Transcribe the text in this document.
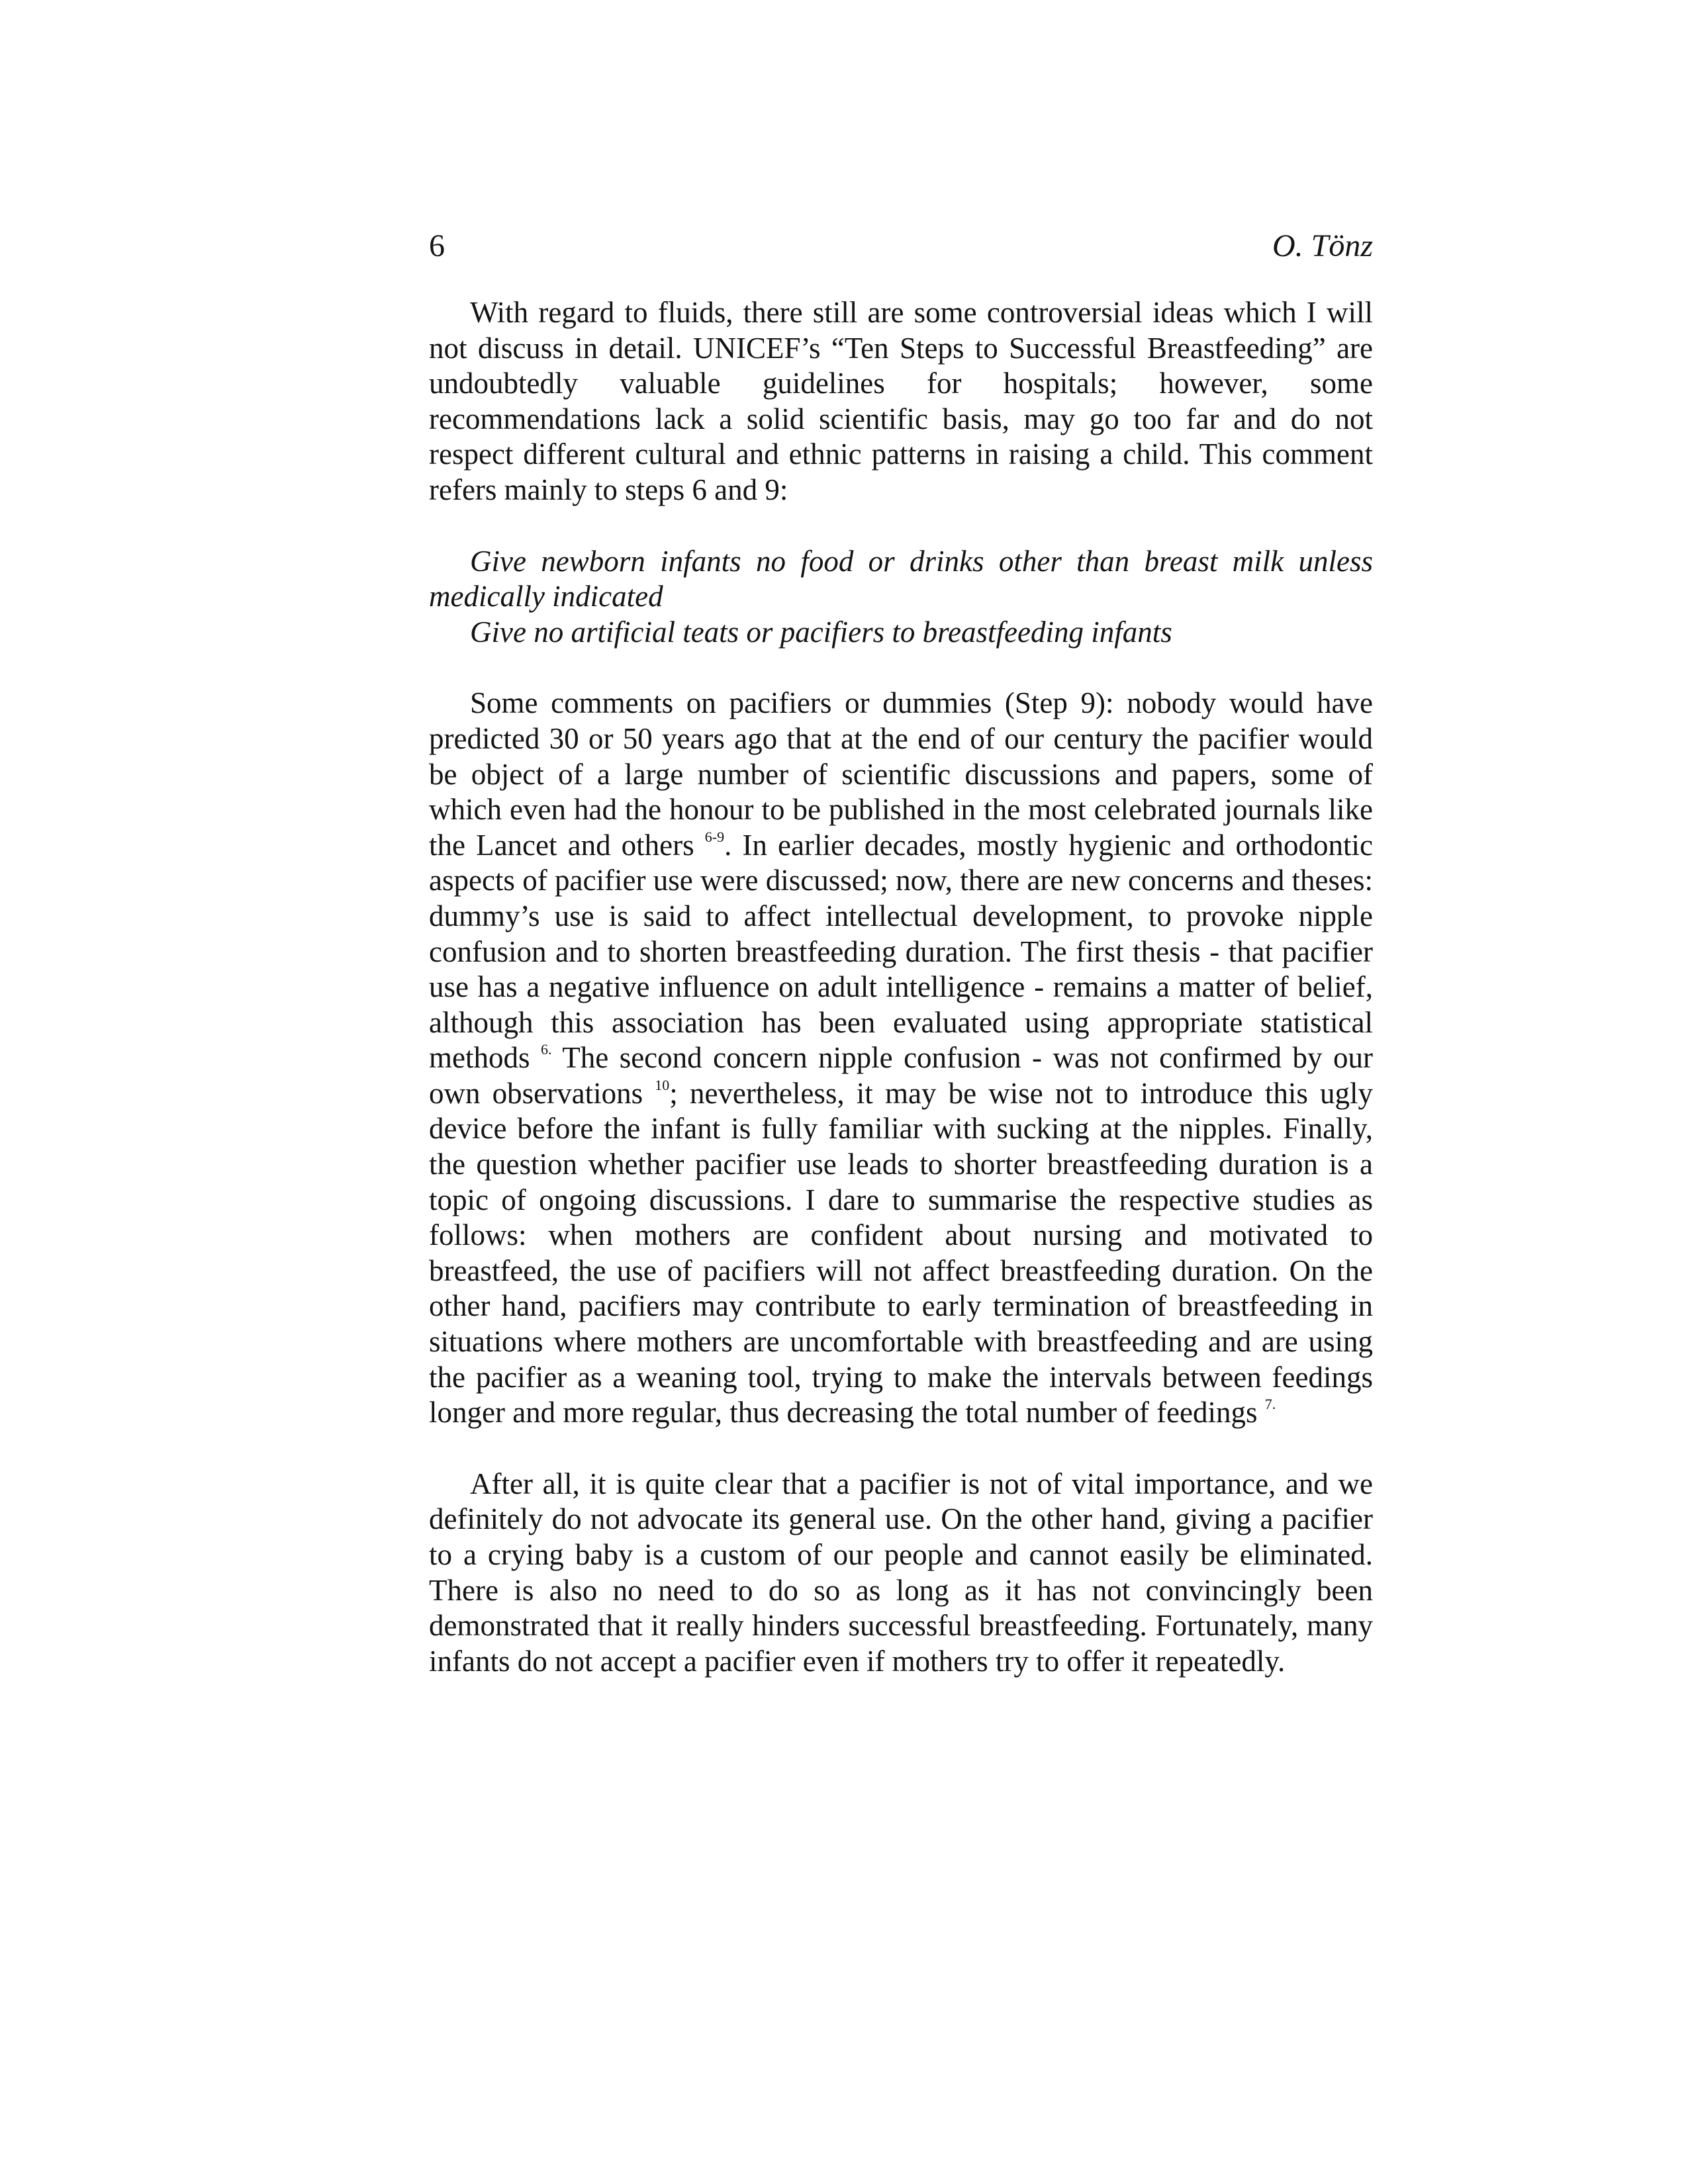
6	O. Tönz

With regard to fluids, there still are some controversial ideas which I will not discuss in detail. UNICEF’s “Ten Steps to Successful Breastfeeding” are undoubtedly valuable guidelines for hospitals; however, some recommendations lack a solid scientific basis, may go too far and do not respect different cultural and ethnic patterns in raising a child. This comment refers mainly to steps 6 and 9:

Give newborn infants no food or drinks other than breast milk unless medically indicated

Give no artificial teats or pacifiers to breastfeeding infants

Some comments on pacifiers or dummies (Step 9): nobody would have predicted 30 or 50 years ago that at the end of our century the pacifier would be object of a large number of scientific discussions and papers, some of which even had the honour to be published in the most celebrated journals like the Lancet and others $^{6-9}$. In earlier decades, mostly hygienic and orthodontic aspects of pacifier use were discussed; now, there are new concerns and theses: dummy’s use is said to affect intellectual development, to provoke nipple confusion and to shorten breastfeeding duration. The first thesis - that pacifier use has a negative influence on adult intelligence - remains a matter of belief, although this association has been evaluated using appropriate statistical methods $^{6.}$ The second concern nipple confusion - was not confirmed by our own observations $^{10}$; nevertheless, it may be wise not to introduce this ugly device before the infant is fully familiar with sucking at the nipples. Finally, the question whether pacifier use leads to shorter breastfeeding duration is a topic of ongoing discussions. I dare to summarise the respective studies as follows: when mothers are confident about nursing and motivated to breastfeed, the use of pacifiers will not affect breastfeeding duration. On the other hand, pacifiers may contribute to early termination of breastfeeding in situations where mothers are uncomfortable with breastfeeding and are using the pacifier as a weaning tool, trying to make the intervals between feedings longer and more regular, thus decreasing the total number of feedings $^{7.}$

After all, it is quite clear that a pacifier is not of vital importance, and we definitely do not advocate its general use. On the other hand, giving a pacifier to a crying baby is a custom of our people and cannot easily be eliminated. There is also no need to do so as long as it has not convincingly been demonstrated that it really hinders successful breastfeeding. Fortunately, many infants do not accept a pacifier even if mothers try to offer it repeatedly.
